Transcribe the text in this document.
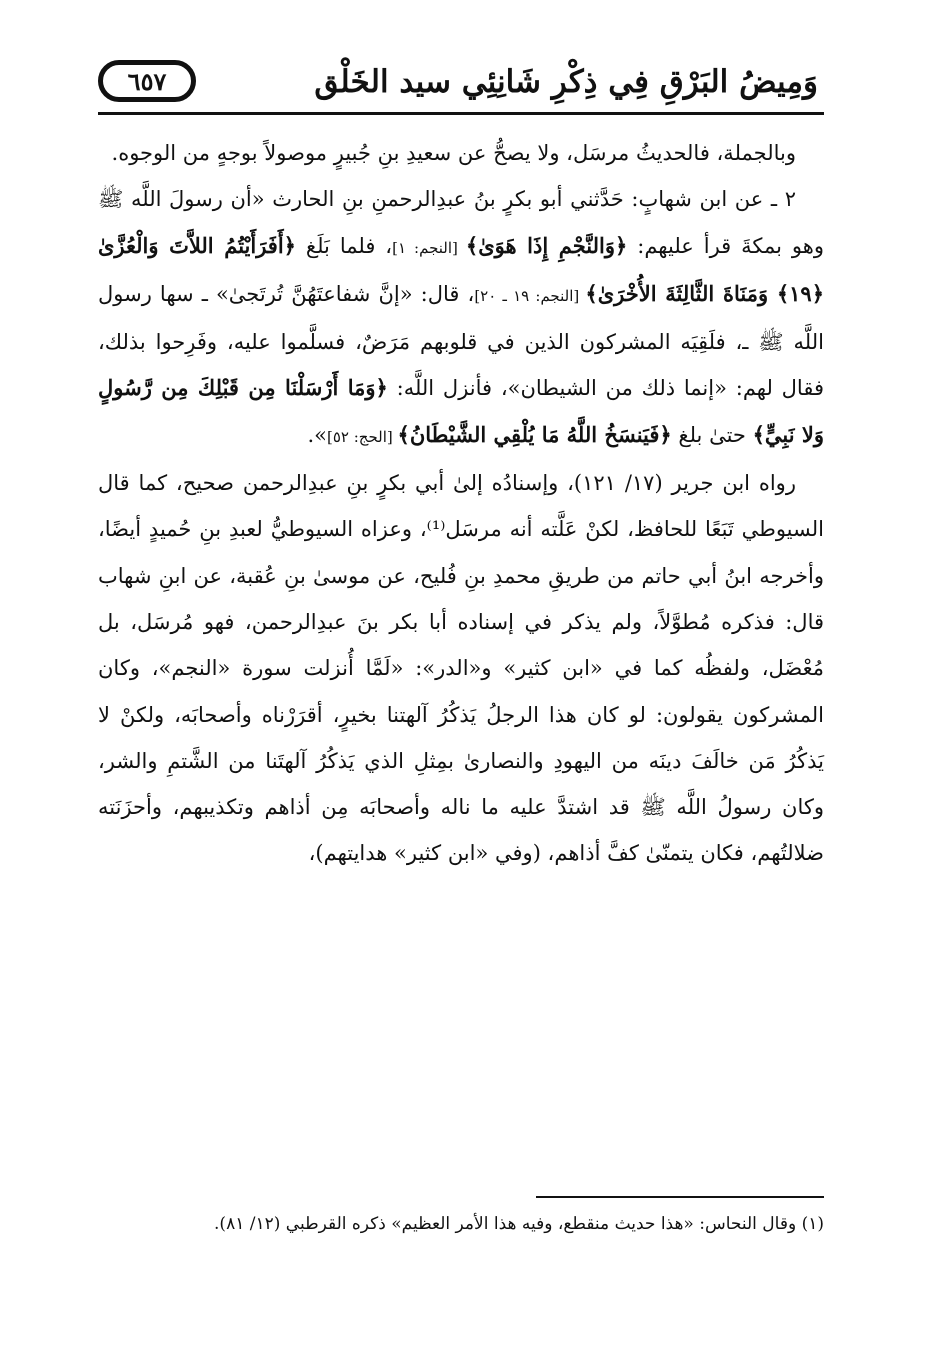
وَمِيضُ البَرْقِ فِي ذِكْرِ شَانِئِي سيد الخَلْق
٦٥٧

وبالجملة، فالحديثُ مرسَل، ولا يصحُّ عن سعيدِ بنِ جُبيرٍ موصولاً بوجهٍ من الوجوه.

٢ ـ عن ابن شهابٍ: حَدَّثني أبو بكرٍ بنُ عبدِالرحمنِ بنِ الحارث «أن رسولَ اللَّه ﷺ وهو بمكةَ قرأ عليهم: ﴿وَالنَّجْمِ إِذَا هَوَىٰ﴾ [النجم: ١]، فلما بَلَغ ﴿أَفَرَأَيْتُمُ اللاَّتَ وَالْعُزَّىٰ ﴿١٩﴾ وَمَنَاةَ الثَّالِثَةَ الأُخْرَىٰ﴾ [النجم: ١٩ ـ ٢٠]، قال: «إنَّ شفاعتَهُنَّ تُرتَجىٰ» ـ سها رسول اللَّه ﷺ ـ، فلَقِيَه المشركون الذين في قلوبهم مَرَضٌ، فسلَّموا عليه، وفَرِحوا بذلك، فقال لهم: «إنما ذلك من الشيطان»، فأنزل اللَّه: ﴿وَمَا أَرْسَلْنَا مِن قَبْلِكَ مِن رَّسُولٍ وَلا نَبِيٍّ﴾ حتىٰ بلغ ﴿فَيَنسَخُ اللَّهُ مَا يُلْقِي الشَّيْطَانُ﴾ [الحج: ٥٢]».

رواه ابن جرير (١٧/ ١٢١)، وإسنادُه إلىٰ أبي بكرٍ بنِ عبدِالرحمن صحيح، كما قال السيوطي تَبَعًا للحافظ، لكنْ عَلَّته أنه مرسَل⁽¹⁾، وعزاه السيوطيُّ لعبدِ بنِ حُميدٍ أيضًا، وأخرجه ابنُ أبي حاتم من طريقِ محمدِ بنِ فُليح، عن موسىٰ بنِ عُقبة، عن ابنِ شهاب قال: فذكره مُطوَّلاً، ولم يذكر في إسناده أبا بكر بنَ عبدِالرحمن، فهو مُرسَل، بل مُعْضَل، ولفظُه كما في «ابن كثير» و«الدر»: «لَمَّا أُنزلت سورة «النجم»، وكان المشركون يقولون: لو كان هذا الرجلُ يَذكُرُ آلهتنا بخيرٍ، أقرَرْناه وأصحابَه، ولكنْ لا يَذكُرُ مَن خالَفَ دينَه من اليهودِ والنصارىٰ بمِثلِ الذي يَذكُرُ آلهتَنا من الشَّتمِ والشر، وكان رسولُ اللَّه ﷺ قد اشتدَّ عليه ما ناله وأصحابَه مِن أذاهم وتكذيبهم، وأحزَنَته ضلالتُهم، فكان يتمنّىٰ كفَّ أذاهم، (وفي «ابن كثير» هدايتهم)،

(١) وقال النحاس: «هذا حديث منقطع، وفيه هذا الأمر العظيم» ذكره القرطبي (١٢/ ٨١).
